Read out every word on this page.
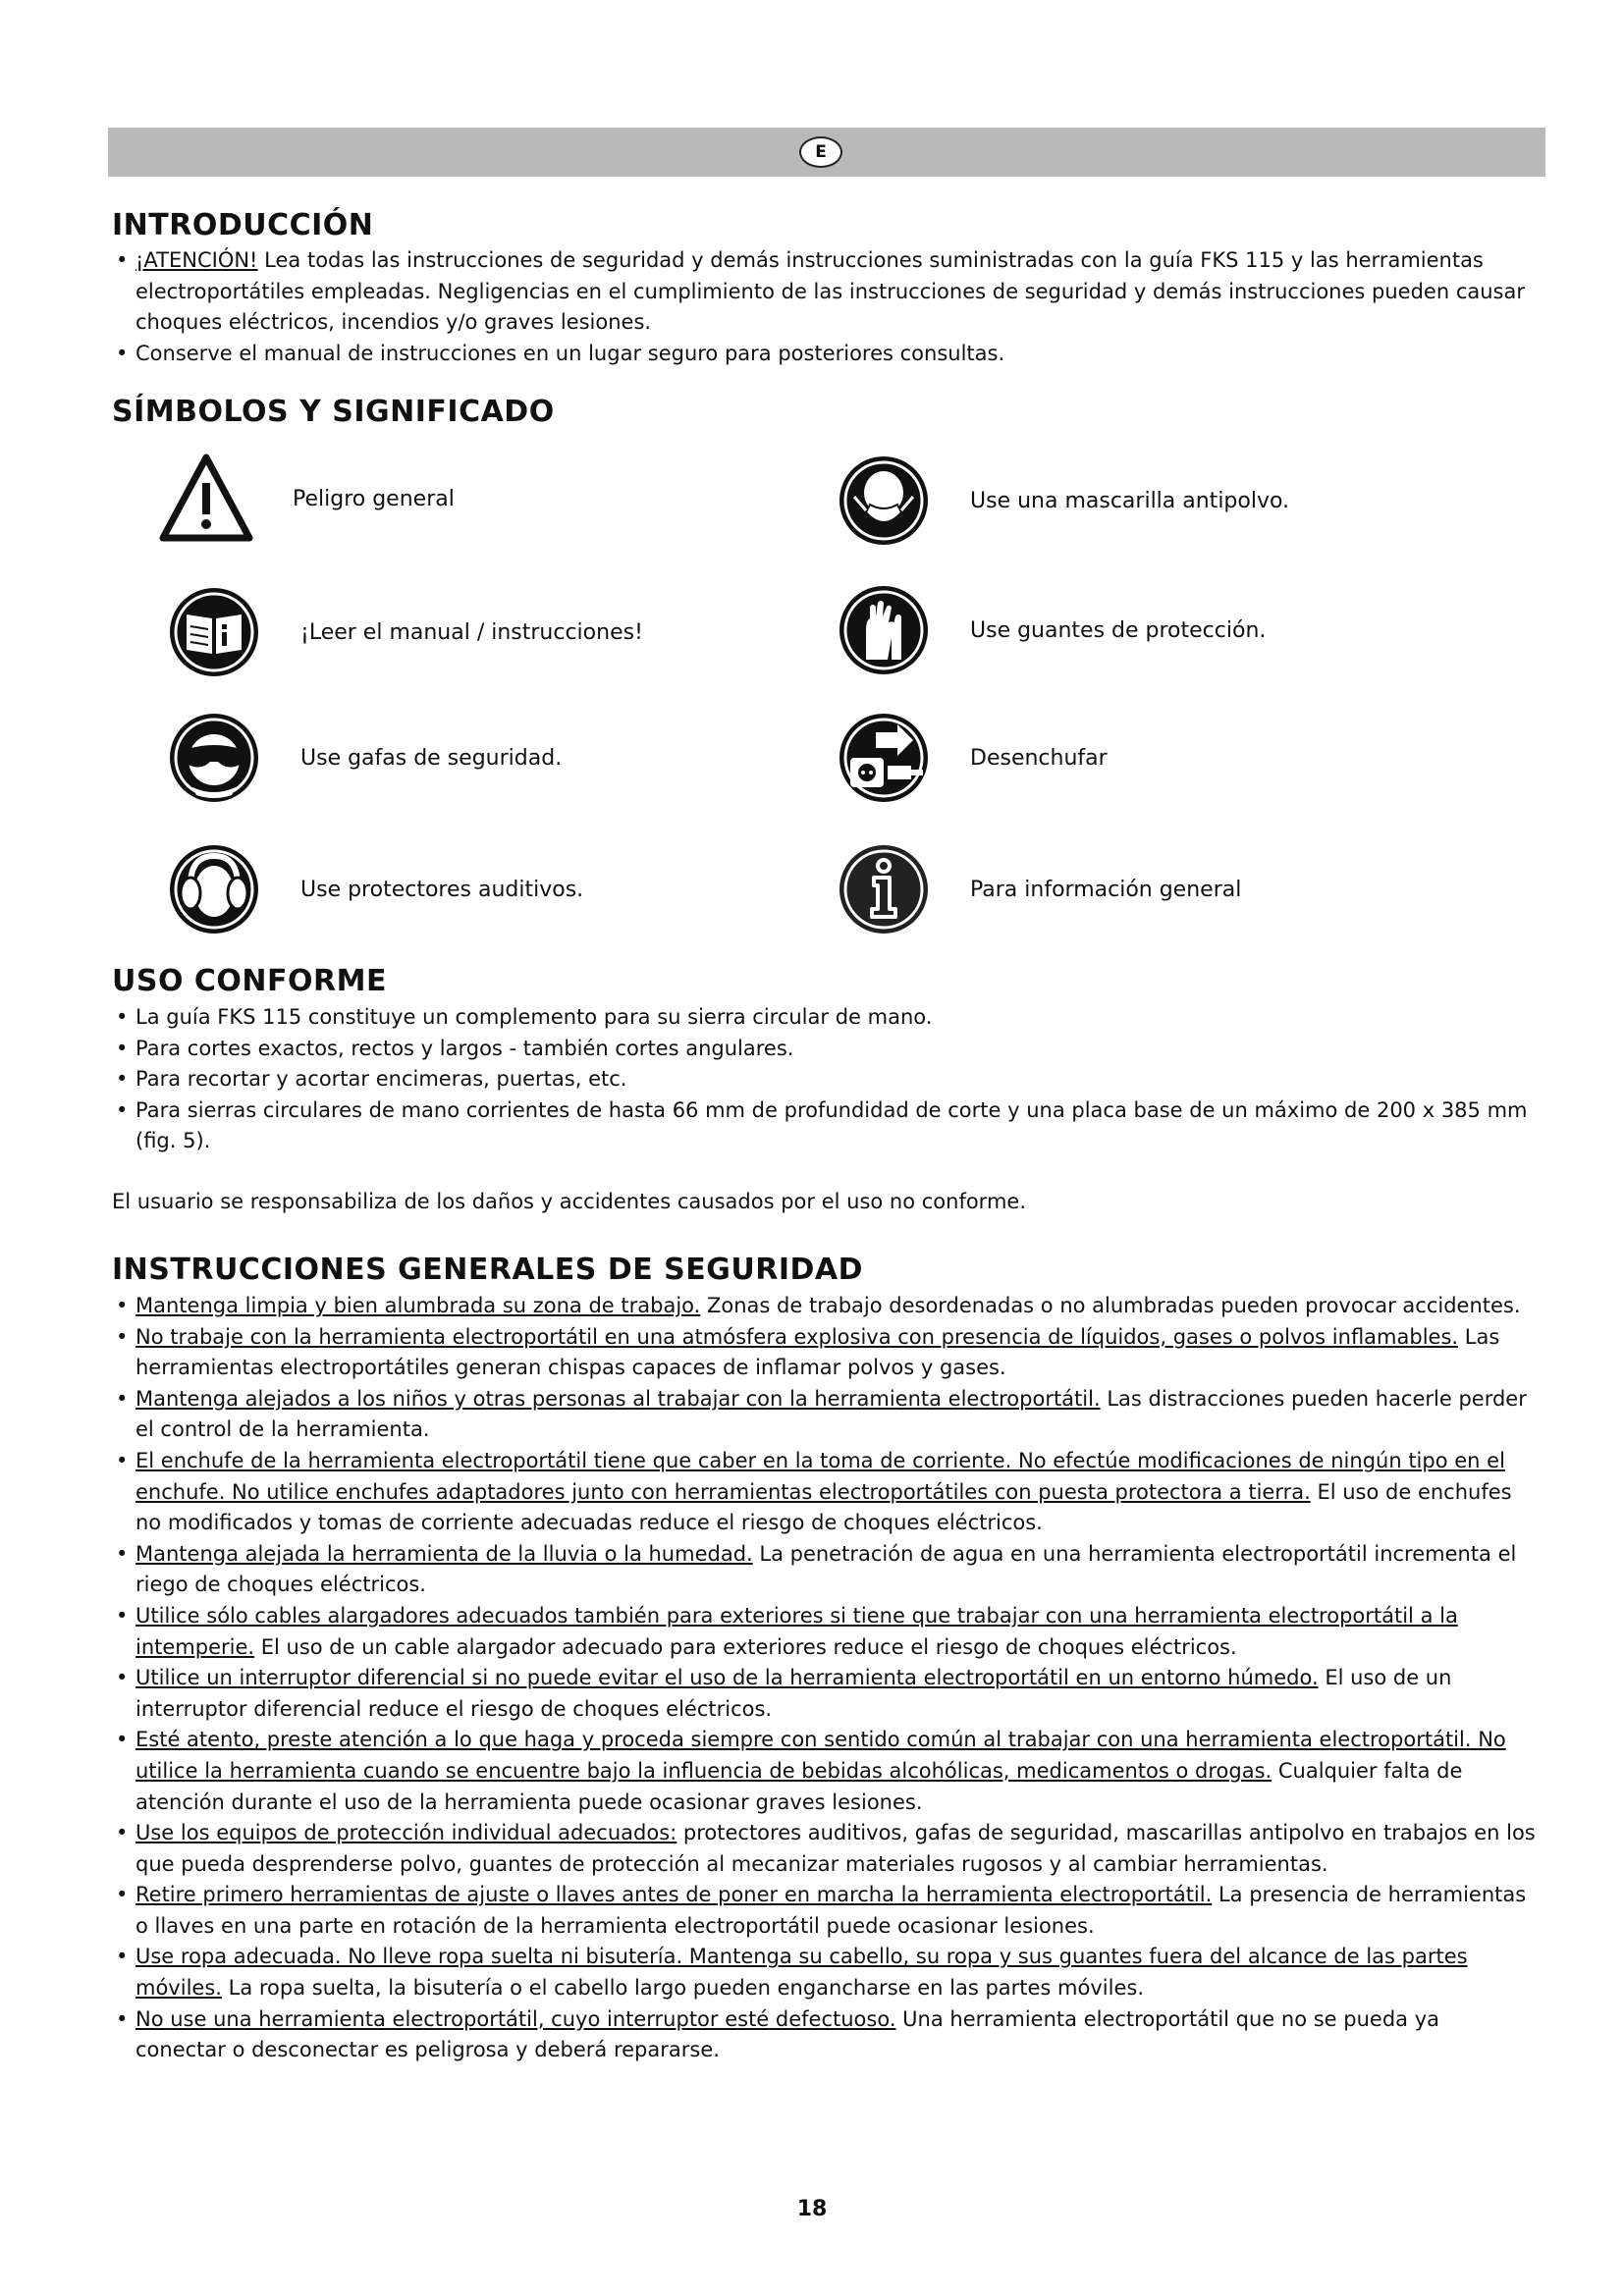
E
INTRODUCCIÓN
• ¡ATENCIÓN! Lea todas las instrucciones de seguridad y demás instrucciones suministradas con la guía FKS 115 y las herramientas electroportátiles empleadas. Negligencias en el cumplimiento de las instrucciones de seguridad y demás instrucciones pueden causar choques eléctricos, incendios y/o graves lesiones.
• Conserve el manual de instrucciones en un lugar seguro para posteriores consultas.
SÍMBOLOS Y SIGNIFICADO
Peligro general	Use una mascarilla antipolvo.
¡Leer el manual / instrucciones!	Use guantes de protección.
Use gafas de seguridad.	Desenchufar
Use protectores auditivos.	Para información general
USO CONFORME
• La guía FKS 115 constituye un complemento para su sierra circular de mano.
• Para cortes exactos, rectos y largos - también cortes angulares.
• Para recortar y acortar encimeras, puertas, etc.
• Para sierras circulares de mano corrientes de hasta 66 mm de profundidad de corte y una placa base de un máximo de 200 x 385 mm (fig. 5).

El usuario se responsabiliza de los daños y accidentes causados por el uso no conforme.

INSTRUCCIONES GENERALES DE SEGURIDAD
• Mantenga limpia y bien alumbrada su zona de trabajo. Zonas de trabajo desordenadas o no alumbradas pueden provocar accidentes.
• No trabaje con la herramienta electroportátil en una atmósfera explosiva con presencia de líquidos, gases o polvos inflamables. Las herramientas electroportátiles generan chispas capaces de inflamar polvos y gases.
• Mantenga alejados a los niños y otras personas al trabajar con la herramienta electroportátil. Las distracciones pueden hacerle perder el control de la herramienta.
• El enchufe de la herramienta electroportátil tiene que caber en la toma de corriente. No efectúe modificaciones de ningún tipo en el enchufe. No utilice enchufes adaptadores junto con herramientas electroportátiles con puesta protectora a tierra. El uso de enchufes no modificados y tomas de corriente adecuadas reduce el riesgo de choques eléctricos.
• Mantenga alejada la herramienta de la lluvia o la humedad. La penetración de agua en una herramienta electroportátil incrementa el riego de choques eléctricos.
• Utilice sólo cables alargadores adecuados también para exteriores si tiene que trabajar con una herramienta electroportátil a la intemperie. El uso de un cable alargador adecuado para exteriores reduce el riesgo de choques eléctricos.
• Utilice un interruptor diferencial si no puede evitar el uso de la herramienta electroportátil en un entorno húmedo. El uso de un interruptor diferencial reduce el riesgo de choques eléctricos.
• Esté atento, preste atención a lo que haga y proceda siempre con sentido común al trabajar con una herramienta electroportátil. No utilice la herramienta cuando se encuentre bajo la influencia de bebidas alcohólicas, medicamentos o drogas. Cualquier falta de atención durante el uso de la herramienta puede ocasionar graves lesiones.
• Use los equipos de protección individual adecuados: protectores auditivos, gafas de seguridad, mascarillas antipolvo en trabajos en los que pueda desprenderse polvo, guantes de protección al mecanizar materiales rugosos y al cambiar herramientas.
• Retire primero herramientas de ajuste o llaves antes de poner en marcha la herramienta electroportátil. La presencia de herramientas o llaves en una parte en rotación de la herramienta electroportátil puede ocasionar lesiones.
• Use ropa adecuada. No lleve ropa suelta ni bisutería. Mantenga su cabello, su ropa y sus guantes fuera del alcance de las partes móviles. La ropa suelta, la bisutería o el cabello largo pueden engancharse en las partes móviles.
• No use una herramienta electroportátil, cuyo interruptor esté defectuoso. Una herramienta electroportátil que no se pueda ya conectar o desconectar es peligrosa y deberá repararse.
18
